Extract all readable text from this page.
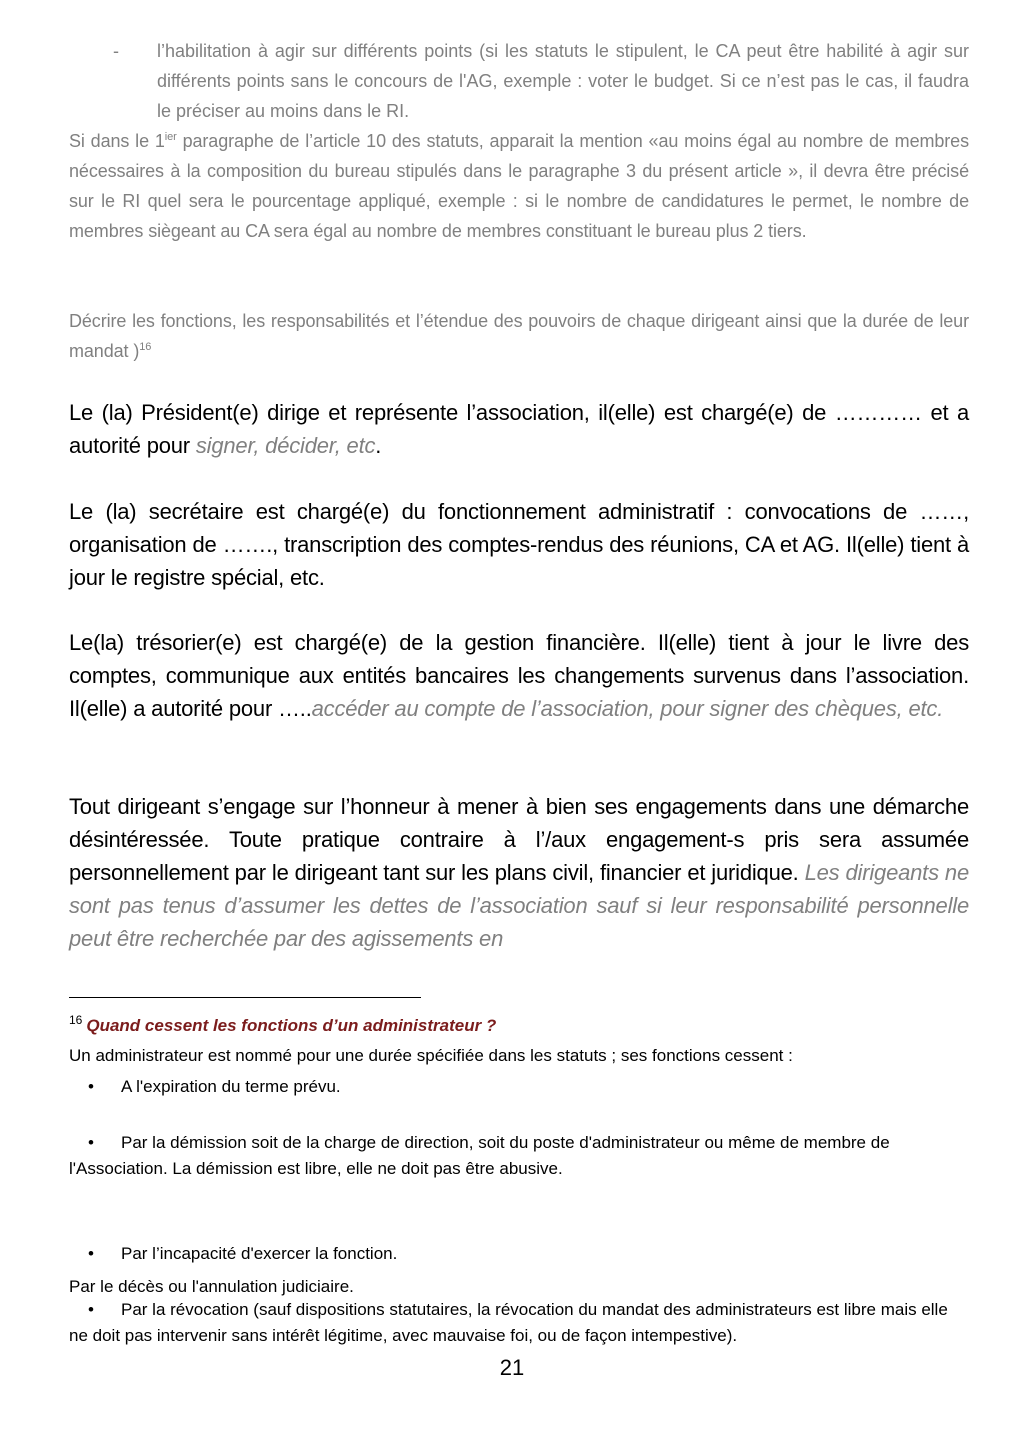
- l’habilitation à agir sur différents points (si les statuts le stipulent, le CA peut être habilité à agir sur différents points sans le concours de l'AG, exemple : voter le budget. Si ce n’est pas le cas, il faudra le préciser au moins dans le RI.
Si dans le $1^{ier}$ paragraphe de l’article 10 des statuts, apparait la mention «au moins égal au nombre de membres nécessaires à la composition du bureau stipulés dans le paragraphe 3 du présent article », il devra être précisé sur le RI quel sera le pourcentage appliqué, exemple : si le nombre de candidatures le permet, le nombre de membres siègeant au CA sera égal au nombre de membres constituant le bureau plus 2 tiers.
Décrire les fonctions, les responsabilités et l’étendue des pouvoirs de chaque dirigeant ainsi que la durée de leur mandat )$^{16}$
Le (la) Président(e) dirige et représente l’association, il(elle) est chargé(e) de ………… et a autorité pour signer, décider, etc.
Le (la) secrétaire est chargé(e) du fonctionnement administratif : convocations de ……, organisation de ……., transcription des comptes-rendus des réunions, CA et AG. Il(elle) tient à jour le registre spécial, etc.
Le(la) trésorier(e) est chargé(e) de la gestion financière. Il(elle) tient à jour le livre des comptes, communique aux entités bancaires les changements survenus dans l’association. Il(elle) a autorité pour …..accéder au compte de l’association, pour signer des chèques, etc.
Tout dirigeant s’engage sur l’honneur à mener à bien ses engagements dans une démarche désintéressée. Toute pratique contraire à l’/aux engagement-s pris sera assumée personnellement par le dirigeant tant sur les plans civil, financier et juridique. Les dirigeants ne sont pas tenus d’assumer les dettes de l’association sauf si leur responsabilité personnelle peut être recherchée par des agissements en
$^{16}$ Quand cessent les fonctions d’un administrateur ?
Un administrateur est nommé pour une durée spécifiée dans les statuts ; ses fonctions cessent :
• A l'expiration du terme prévu.
•	Par la démission soit de la charge de direction, soit du poste d'administrateur ou même de membre de l'Association. La démission est libre, elle ne doit pas être abusive.
• Par l’incapacité d'exercer la fonction.
•	Par la révocation (sauf dispositions statutaires, la révocation du mandat des administrateurs est libre mais elle ne doit pas intervenir sans intérêt légitime, avec mauvaise foi, ou de façon intempestive).
Par le décès ou l'annulation judiciaire.
21
